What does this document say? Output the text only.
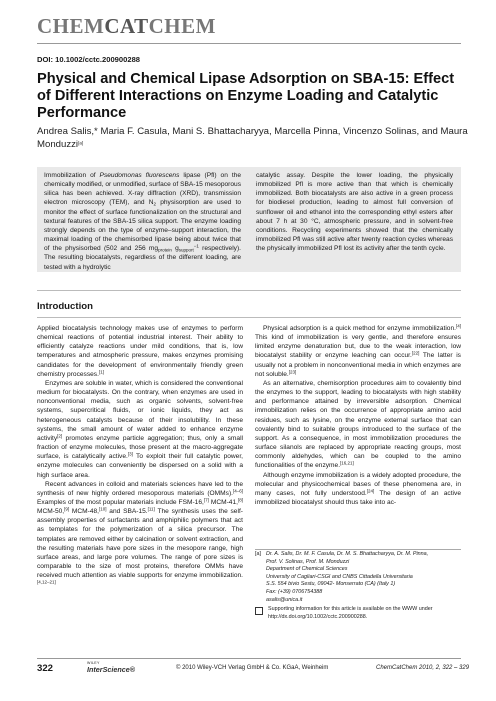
CHEMCATCHEM
DOI: 10.1002/cctc.200900288
Physical and Chemical Lipase Adsorption on SBA-15: Effect of Different Interactions on Enzyme Loading and Catalytic Performance
Andrea Salis,* Maria F. Casula, Mani S. Bhattacharyya, Marcella Pinna, Vincenzo Solinas, and Maura Monduzzi[a]

Immobilization of Pseudomonas fluorescens lipase (Pfl) on the chemically modified, or unmodified, surface of SBA-15 mesoporous silica has been achieved. X-ray diffraction (XRD), transmission electron microscopy (TEM), and $N_2$ physisorption are used to monitor the effect of surface functionalization on the structural and textural features of the SBA-15 silica support. The enzyme loading strongly depends on the type of enzyme–support interaction, the maximal loading of the chemisorbed lipase being about twice that of the physisorbed (502 and 256 $mg_{protein}$ $g_{support}^{-1}$ respectively). The resulting biocatalysts, regardless of the different loading, are tested with a hydrolytic

catalytic assay. Despite the lower loading, the physically immobilized Pfl is more active than that which is chemically immobilized. Both biocatalysts are also active in a green process for biodiesel production, leading to almost full conversion of sunflower oil and ethanol into the corresponding ethyl esters after about 7 h at 30 °C, atmospheric pressure, and in solvent-free conditions. Recycling experiments showed that the chemically immobilized Pfl was still active after twenty reaction cycles whereas the physically immobilized Pfl lost its activity after the tenth cycle.

Introduction

Applied biocatalysis technology makes use of enzymes to perform chemical reactions of potential industrial interest. Their ability to efficiently catalyze reactions under mild conditions, that is, low temperatures and atmospheric pressure, makes enzymes promising candidates for the development of environmentally friendly green chemistry processes.[1]

Enzymes are soluble in water, which is considered the conventional medium for biocatalysts. On the contrary, when enzymes are used in nonconventional media, such as organic solvents, solvent-free systems, supercritical fluids, or ionic liquids, they act as heterogeneous catalysts because of their insolubility. In these systems, the small amount of water added to enhance enzyme activity[2] promotes enzyme particle aggregation; thus, only a small fraction of enzyme molecules, those present at the macro-aggregate surface, is catalytically active.[3] To exploit their full catalytic power, enzyme molecules can conveniently be dispersed on a solid with a high surface area.

Recent advances in colloid and materials sciences have led to the synthesis of new highly ordered mesoporous materials (OMMs).[4–6] Examples of the most popular materials include FSM-16,[7] MCM-41,[8] MCM-50,[9] MCM-48,[10] and SBA-15.[11] The synthesis uses the self-assembly properties of surfactants and amphiphilic polymers that act as templates for the polymerization of a silica precursor. The templates are removed either by calcination or solvent extraction, and the resulting materials have pore sizes in the mesopore range, high surface areas, and large pore volumes. The range of pore sizes is comparable to the size of most proteins, therefore OMMs have received much attention as viable supports for enzyme immobilization.[4,12–21]

Physical adsorption is a quick method for enzyme immobilization.[4] This kind of immobilization is very gentle, and therefore ensures limited enzyme denaturation but, due to the weak interaction, low biocatalyst stability or enzyme leaching can occur.[22] The latter is usually not a problem in nonconventional media in which enzymes are not soluble.[23]

As an alternative, chemisorption procedures aim to covalently bind the enzymes to the support, leading to biocatalysts with high stability and performance attained by irreversible adsorption. Chemical immobilization relies on the occurrence of appropriate amino acid residues, such as lysine, on the enzyme external surface that can covalently bind to suitable groups introduced to the surface of the support. As a consequence, in most immobilization procedures the surface silanols are replaced by appropriate reacting groups, most commonly aldehydes, which can be coupled to the amino functionalities of the enzyme.[16,21]

Although enzyme immobilization is a widely adopted procedure, the molecular and physicochemical bases of these phenomena are, in many cases, not fully understood.[24] The design of an active immobilized biocatalyst should thus take into ac-

[a] Dr. A. Salis, Dr. M. F. Casula, Dr. M. S. Bhattacharyya, Dr. M. Pinna,
Prof. V. Solinas, Prof. M. Monduzzi
Department of Chemical Sciences
University of Cagliari-CSGI and CNBS Cittadella Universitaria
S.S. 554 bivio Sestu, 09042- Monserrato (CA) (Italy 1)
Fax: (+39) 0706754388
asalis@unica.it
Supporting information for this article is available on the WWW under
http://dx.doi.org/10.1002/cctc.200900288.
322	WILEY
InterScience®	© 2010 Wiley-VCH Verlag GmbH & Co. KGaA, Weinheim	ChemCatChem 2010, 2, 322 – 329
